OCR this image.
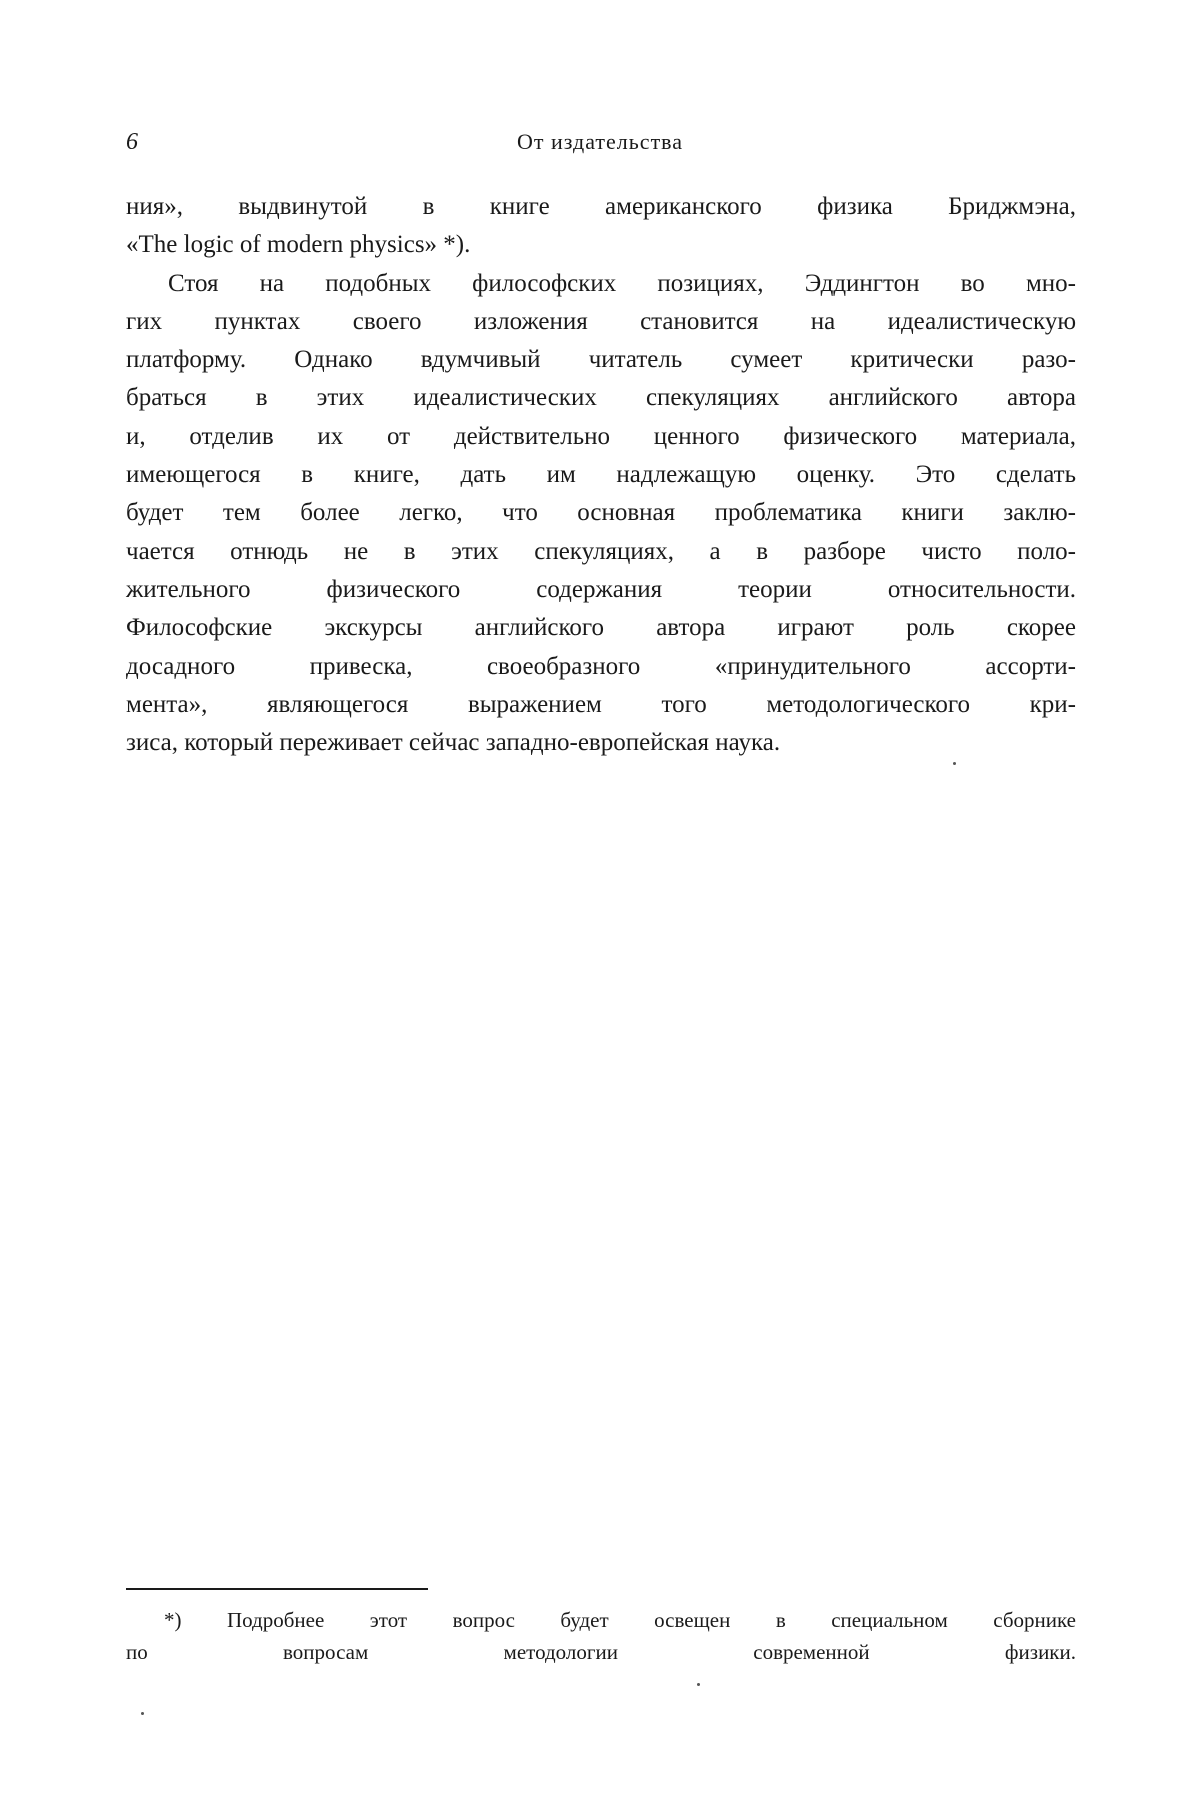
6	От издательства

ния», выдвинутой в книге американского физика Бриджмэна,
«The logic of modern physics» *).

Стоя на подобных философских позициях, Эддингтон во мно-
гих пунктах своего изложения становится на идеалистическую
платформу. Однако вдумчивый читатель сумеет критически разо-
браться в этих идеалистических спекуляциях английского автора
и, отделив их от действительно ценного физического материала,
имеющегося в книге, дать им надлежащую оценку. Это сделать
будет тем более легко, что основная проблематика книги заклю-
чается отнюдь не в этих спекуляциях, а в разборе чисто поло-
жительного физического содержания теории относительности.
Философские экскурсы английского автора играют роль скорее
досадного привеска, своеобразного «принудительного ассорти-
мента», являющегося выражением того методологического кри-
зиса, который переживает сейчас западно-европейская наука.

*) Подробнее этот вопрос будет освещен в специальном сборнике
по вопросам методологии современной физики.
